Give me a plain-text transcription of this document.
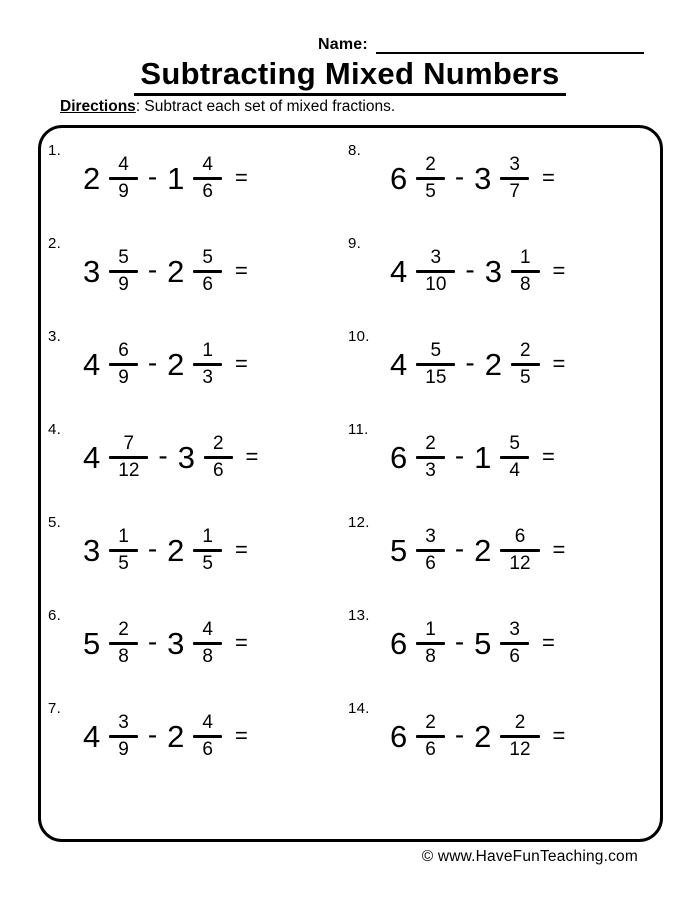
Name:
Subtracting Mixed Numbers
Directions: Subtract each set of mixed fractions.
1.
$2 \frac{4}{9} - 1 \frac{4}{6}$ =
2.
$3 \frac{5}{9} - 2 \frac{5}{6}$ =
3.
$4 \frac{6}{9} - 2 \frac{1}{3}$ =
4.
$4 \frac{7}{12} - 3 \frac{2}{6}$ =
5.
$3 \frac{1}{5} - 2 \frac{1}{5}$ =
6.
$5 \frac{2}{8} - 3 \frac{4}{8}$ =
7.
$4 \frac{3}{9} - 2 \frac{4}{6}$ =
8.
$6 \frac{2}{5} - 3 \frac{3}{7}$ =
9.
$4 \frac{3}{10} - 3 \frac{1}{8}$ =
10.
$4 \frac{5}{15} - 2 \frac{2}{5}$ =
11.
$6 \frac{2}{3} - 1 \frac{5}{4}$ =
12.
$5 \frac{3}{6} - 2 \frac{6}{12}$ =
13.
$6 \frac{1}{8} - 5 \frac{3}{6}$ =
14.
$6 \frac{2}{6} - 2 \frac{2}{12}$ =
© www.HaveFunTeaching.com
